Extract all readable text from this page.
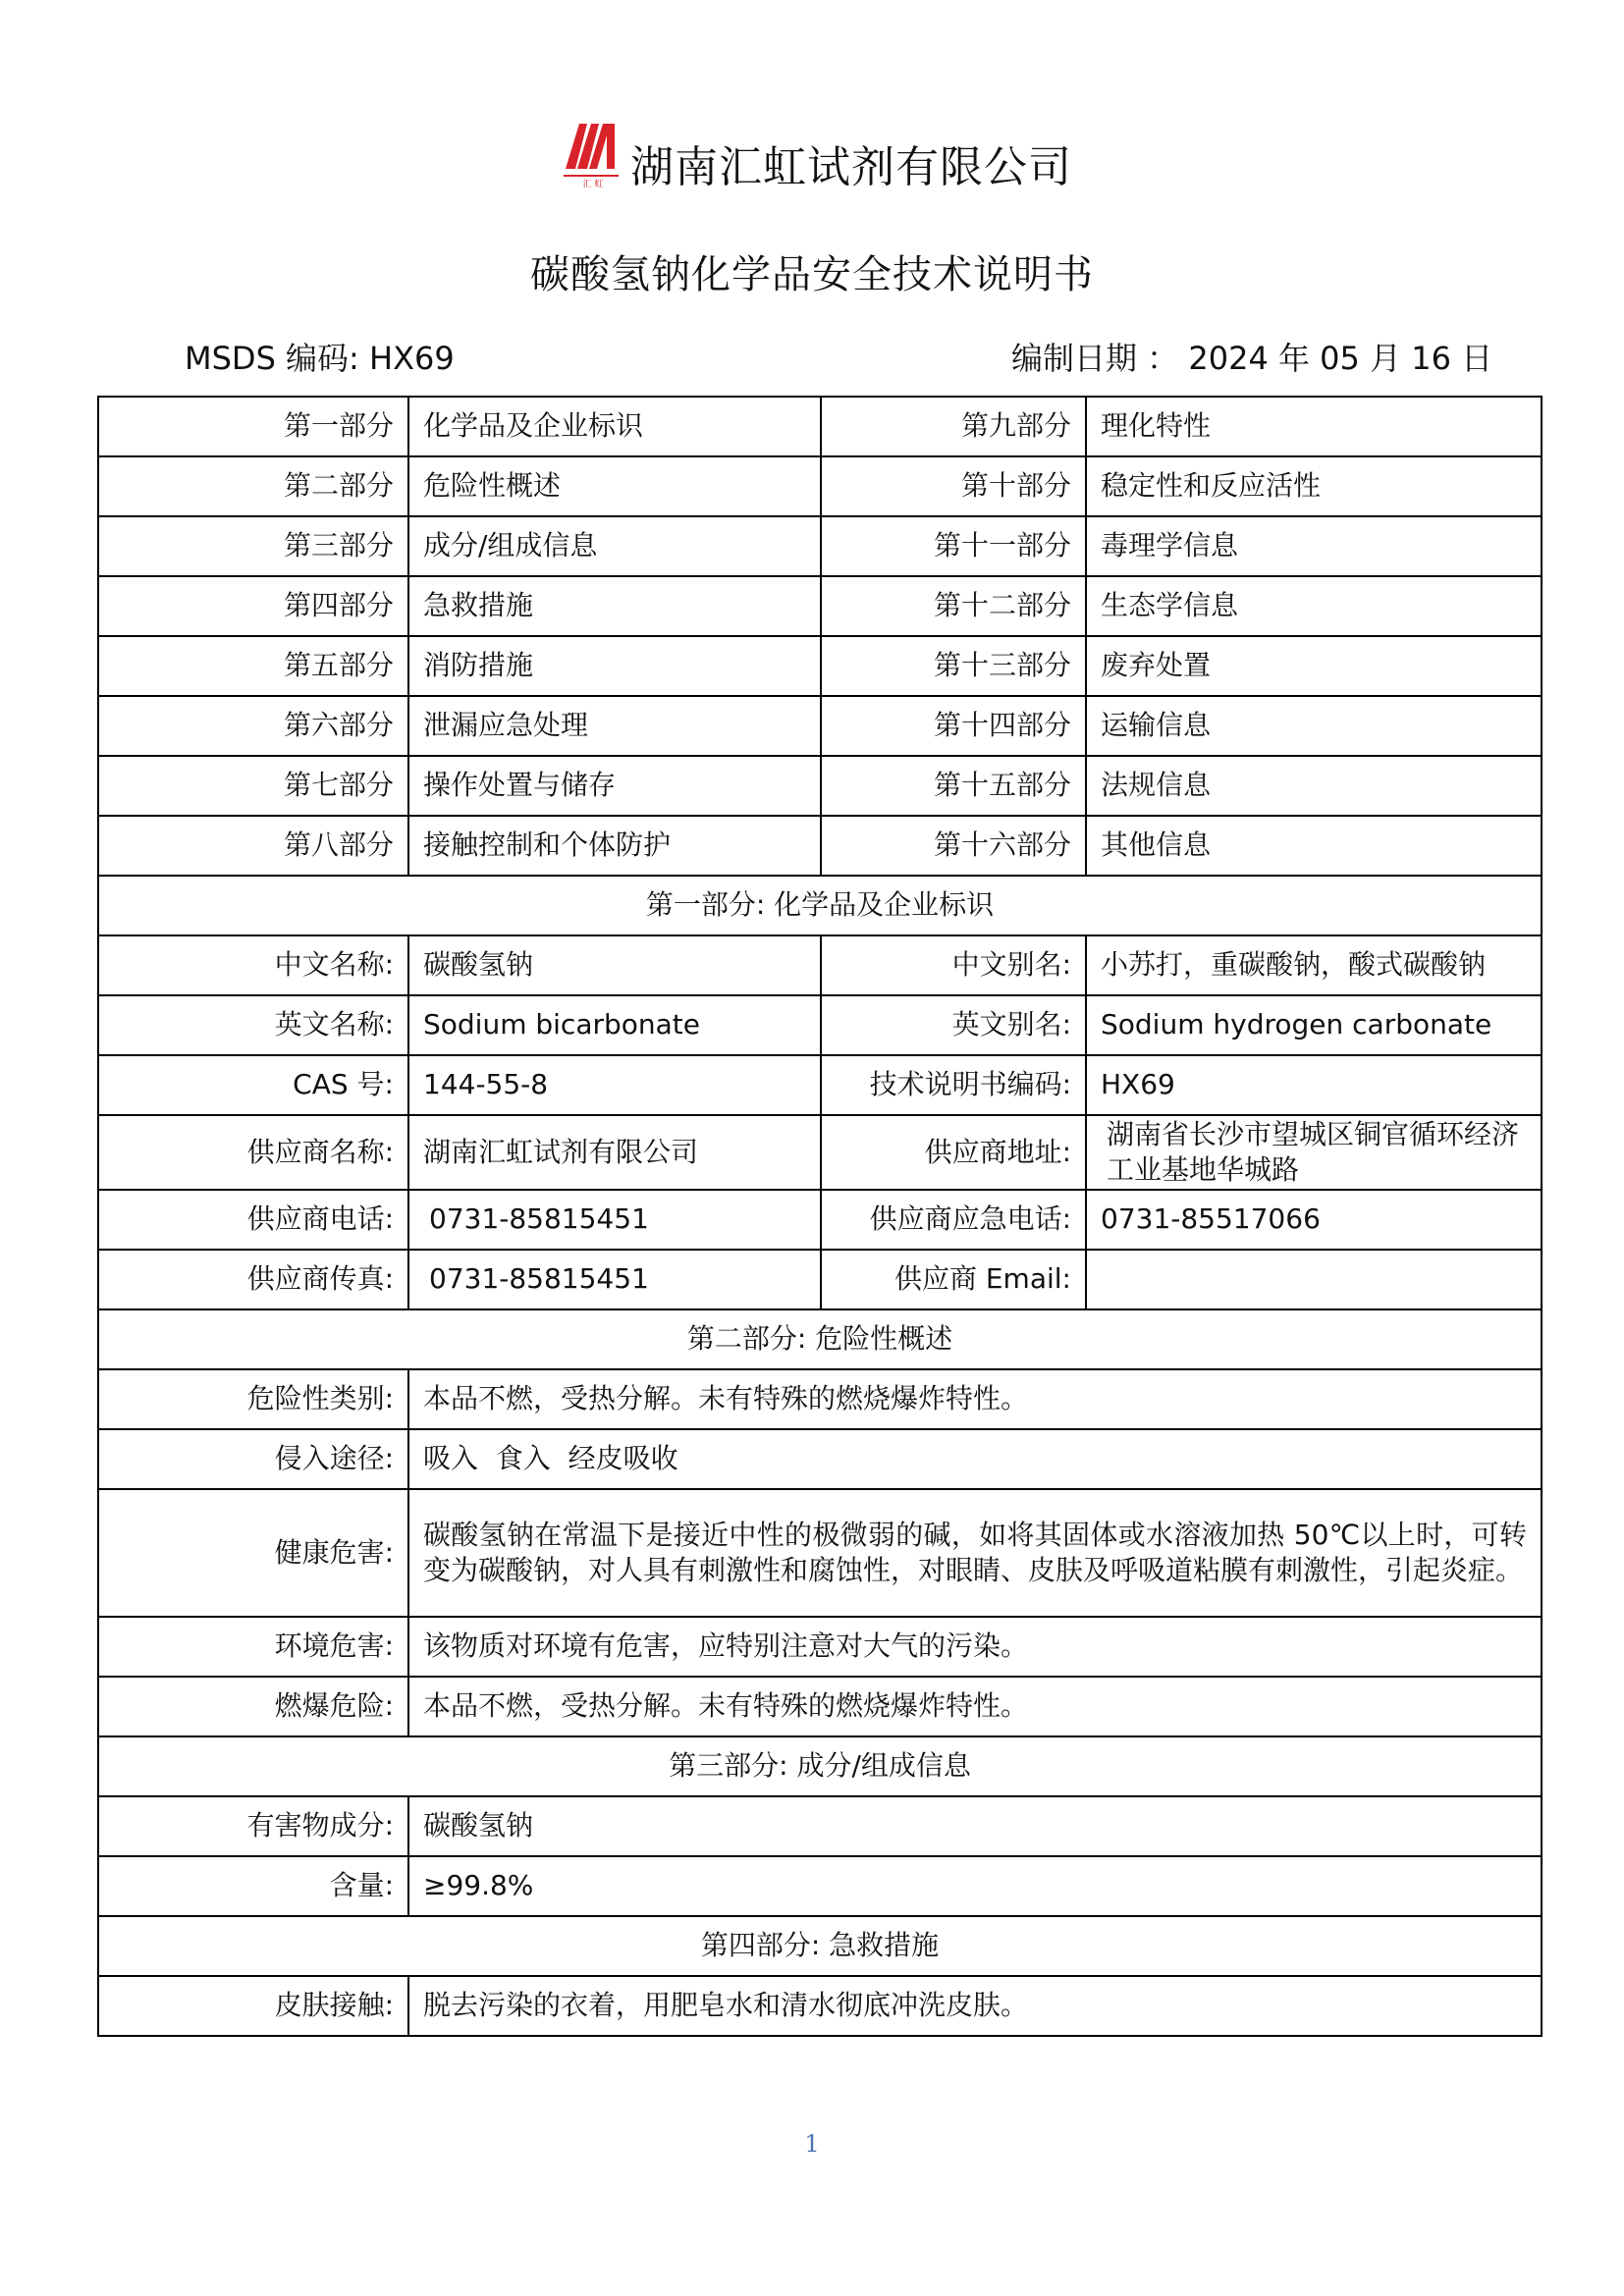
汇 虹 湖南汇虹试剂有限公司
碳酸氢钠化学品安全技术说明书
MSDS 编码: HX69	编制日期 ： 2024 年 05 月 16 日
第一部分	化学品及企业标识	第九部分	理化特性
第二部分	危险性概述	第十部分	稳定性和反应活性
第三部分	成分/组成信息	第十一部分	毒理学信息
第四部分	急救措施	第十二部分	生态学信息
第五部分	消防措施	第十三部分	废弃处置
第六部分	泄漏应急处理	第十四部分	运输信息
第七部分	操作处置与储存	第十五部分	法规信息
第八部分	接触控制和个体防护	第十六部分	其他信息
第一部分: 化学品及企业标识			
中文名称:	碳酸氢钠	中文别名:	小苏打，重碳酸钠，酸式碳酸钠
英文名称:	Sodium bicarbonate	英文别名:	Sodium hydrogen carbonate
CAS 号:	144-55-8	技术说明书编码:	HX69
供应商名称:	湖南汇虹试剂有限公司	供应商地址:	湖南省长沙市望城区铜官循环经济工业基地华城路
供应商电话:	0731-85815451	供应商应急电话:	0731-85517066
供应商传真:	0731-85815451	供应商 Email:	
第二部分: 危险性概述			
危险性类别:	本品不燃，受热分解。未有特殊的燃烧爆炸特性。		
侵入途径:	吸入  食入  经皮吸收		
健康危害:	碳酸氢钠在常温下是接近中性的极微弱的碱，如将其固体或水溶液加热 50℃以上时，可转变为碳酸钠，对人具有刺激性和腐蚀性，对眼睛、皮肤及呼吸道粘膜有刺激性，引起炎症。		
环境危害:	该物质对环境有危害，应特别注意对大气的污染。		
燃爆危险:	本品不燃，受热分解。未有特殊的燃烧爆炸特性。		
第三部分: 成分/组成信息			
有害物成分:	碳酸氢钠		
含量:	≥99.8%		
第四部分: 急救措施			
皮肤接触:	脱去污染的衣着，用肥皂水和清水彻底冲洗皮肤。		
1
